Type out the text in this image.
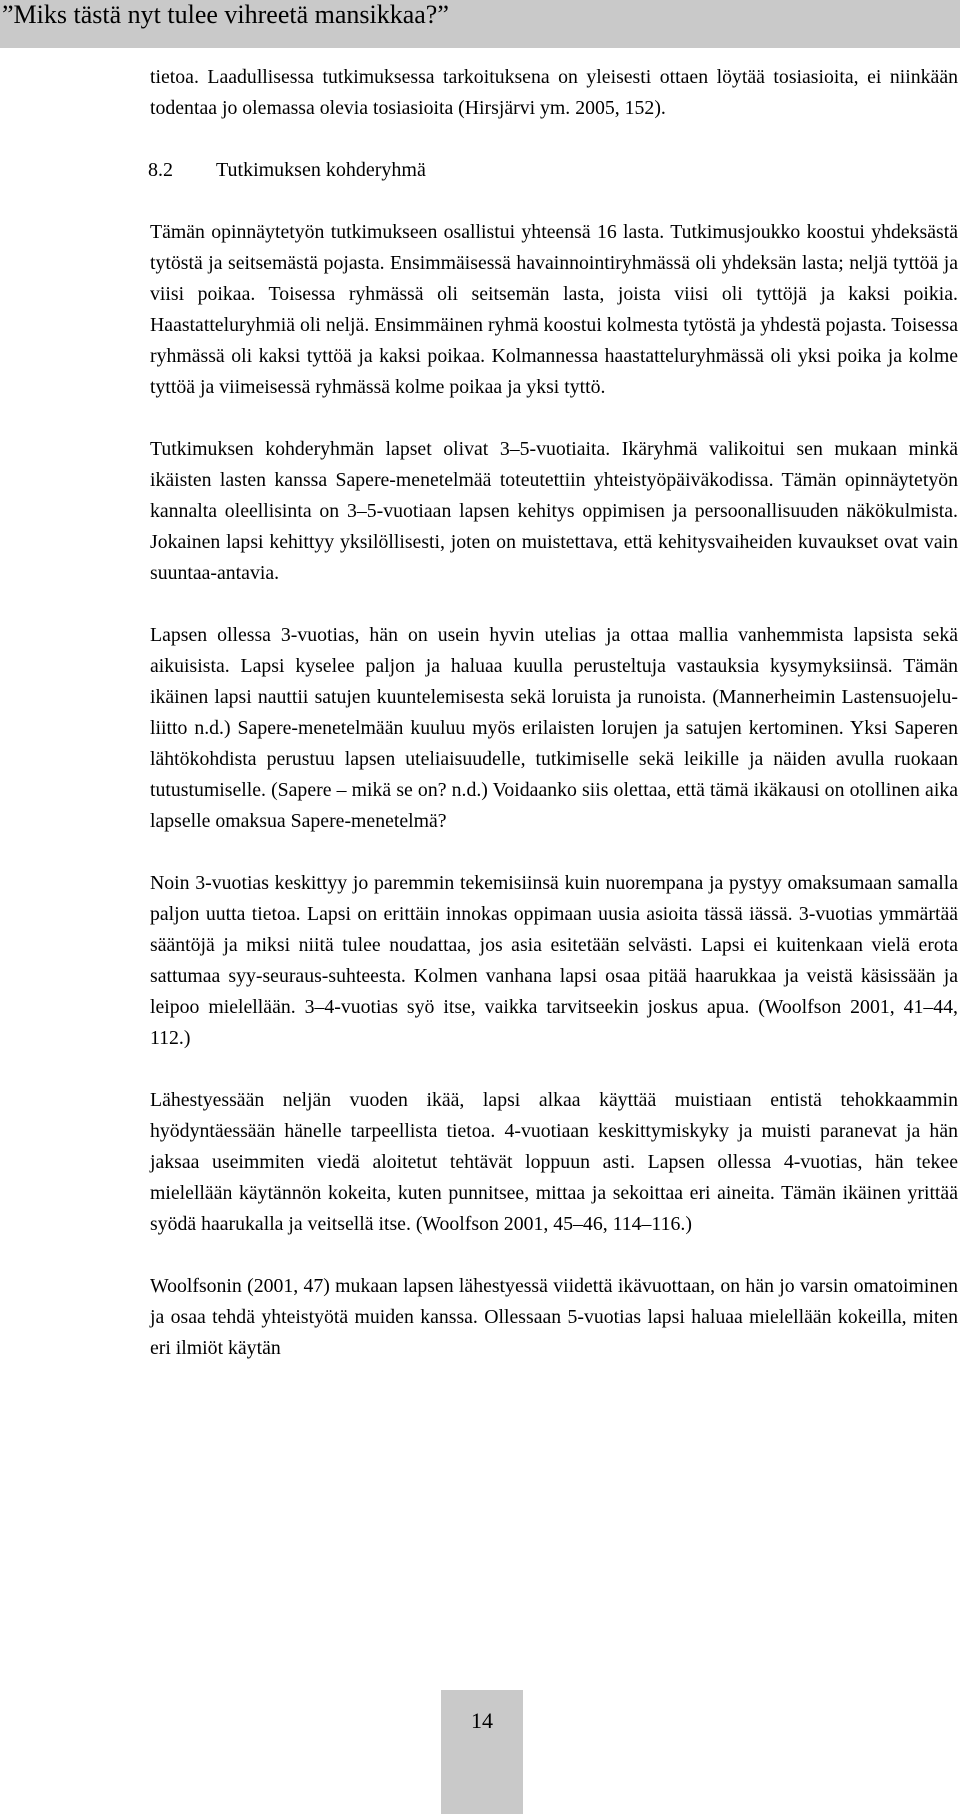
”Miks tästä nyt tulee vihreetä mansikkaa?”

tietoa. Laadullisessa tutkimuksessa tarkoituksena on yleisesti ottaen löytää tosiasioita, ei niinkään todentaa jo olemassa olevia tosiasioita (Hirsjärvi ym. 2005, 152).

8.2 Tutkimuksen kohderyhmä

Tämän opinnäytetyön tutkimukseen osallistui yhteensä 16 lasta. Tutkimusjoukko koostui yhdeksästä tytöstä ja seitsemästä pojasta. Ensimmäisessä havainnointiryhmässä oli yhdeksän lasta; neljä tyttöä ja viisi poikaa. Toisessa ryhmässä oli seitsemän lasta, joista viisi oli tyttöjä ja kaksi poikia. Haastatteluryhmiä oli neljä. Ensimmäinen ryhmä koostui kolmesta tytöstä ja yhdestä pojasta. Toisessa ryhmässä oli kaksi tyttöä ja kaksi poikaa. Kolmannessa haastatteluryhmässä oli yksi poika ja kolme tyttöä ja viimeisessä ryhmässä kolme poikaa ja yksi tyttö.

Tutkimuksen kohderyhmän lapset olivat 3–5-vuotiaita. Ikäryhmä valikoitui sen mukaan minkä ikäisten lasten kanssa Sapere-menetelmää toteutettiin yhteistyöpäiväkodissa. Tämän opinnäytetyön kannalta oleellisinta on 3–5-vuotiaan lapsen kehitys oppimisen ja persoonallisuuden näkökulmista. Jokainen lapsi kehittyy yksilöllisesti, joten on muistettava, että kehitysvaiheiden kuvaukset ovat vain suuntaa-antavia.

Lapsen ollessa 3-vuotias, hän on usein hyvin utelias ja ottaa mallia vanhemmista lapsista sekä aikuisista. Lapsi kyselee paljon ja haluaa kuulla perusteltuja vastauksia kysymyksiinsä. Tämän ikäinen lapsi nauttii satujen kuuntelemisesta sekä loruista ja runoista. (Mannerheimin Lastensuojeluliitto n.d.) Sapere-menetelmään kuuluu myös erilaisten lorujen ja satujen kertominen. Yksi Saperen lähtökohdista perustuu lapsen uteliaisuudelle, tutkimiselle sekä leikille ja näiden avulla ruokaan tutustumiselle. (Sapere – mikä se on? n.d.) Voidaanko siis olettaa, että tämä ikäkausi on otollinen aika lapselle omaksua Sapere-menetelmä?

Noin 3-vuotias keskittyy jo paremmin tekemisiinsä kuin nuorempana ja pystyy omaksumaan samalla paljon uutta tietoa. Lapsi on erittäin innokas oppimaan uusia asioita tässä iässä. 3-vuotias ymmärtää sääntöjä ja miksi niitä tulee noudattaa, jos asia esitetään selvästi. Lapsi ei kuitenkaan vielä erota sattumaa syy-seuraus-suhteesta. Kolmen vanhana lapsi osaa pitää haarukkaa ja veistä käsissään ja leipoo mielellään. 3–4-vuotias syö itse, vaikka tarvitseekin joskus apua. (Woolfson 2001, 41–44, 112.)

Lähestyessään neljän vuoden ikää, lapsi alkaa käyttää muistiaan entistä tehokkaammin hyödyntäessään hänelle tarpeellista tietoa. 4-vuotiaan keskittymiskyky ja muisti paranevat ja hän jaksaa useimmiten viedä aloitetut tehtävät loppuun asti. Lapsen ollessa 4-vuotias, hän tekee mielellään käytännön kokeita, kuten punnitsee, mittaa ja sekoittaa eri aineita. Tämän ikäinen yrittää syödä haarukalla ja veitsellä itse. (Woolfson 2001, 45–46, 114–116.)

Woolfsonin (2001, 47) mukaan lapsen lähestyessä viidettä ikävuottaan, on hän jo varsin omatoiminen ja osaa tehdä yhteistyötä muiden kanssa. Ollessaan 5-vuotias lapsi haluaa mielellään kokeilla, miten eri ilmiöt käytän

14
